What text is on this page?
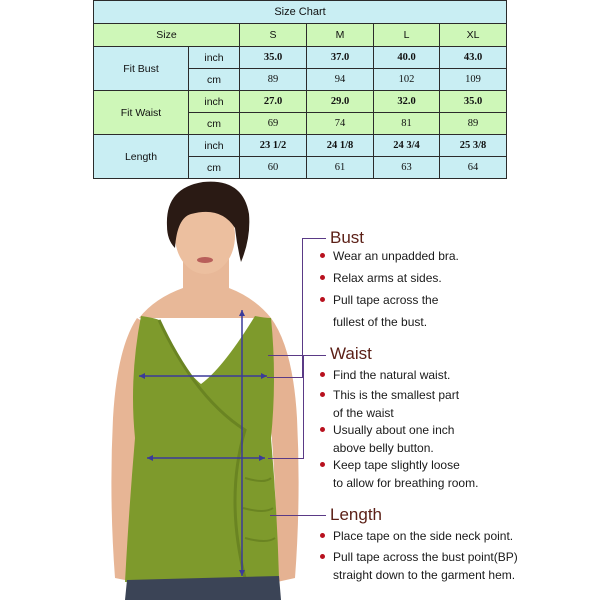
Size Chart					
Size		S	M	L	XL
Fit Bust	inch	35.0	37.0	40.0	43.0
	cm	89	94	102	109
Fit Waist	inch	27.0	29.0	32.0	35.0
	cm	69	74	81	89
Length	inch	23 1/2	24 1/8	24 3/4	25 3/8
	cm	60	61	63	64
Bust
Wear an unpadded bra.
Relax arms at sides.
Pull tape across the
fullest of the bust.
Waist
Find the natural waist.
This is the smallest part
of the waist
Usually about one inch
above belly button.
Keep tape slightly loose
to allow for breathing room.
Length
Place tape on the side neck point.
Pull tape across the bust point(BP)
straight down to the garment hem.
